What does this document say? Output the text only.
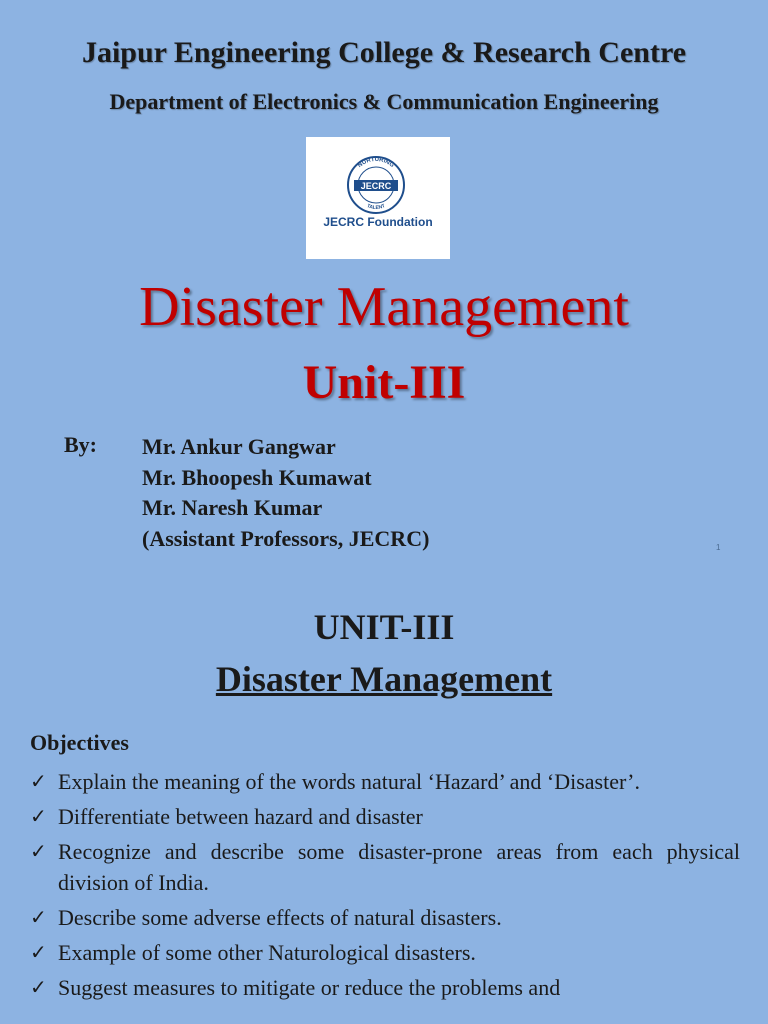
Jaipur Engineering College & Research Centre
Department of Electronics & Communication Engineering
NURTURING
TALENT
JECRC
JECRC Foundation
Disaster Management
Unit-III
By: Mr. Ankur Gangwar
Mr. Bhoopesh Kumawat
Mr. Naresh Kumar
(Assistant Professors, JECRC)	1
UNIT-III
Disaster Management
Objectives
✓ Explain the meaning of the words natural ‘Hazard’ and ‘Disaster’.
✓ Differentiate between hazard and disaster
✓ Recognize and describe some disaster-prone areas from each physical division of India.
✓ Describe some adverse effects of natural disasters.
✓ Example of some other Naturological disasters.
✓ Suggest measures to mitigate or reduce the problems and
